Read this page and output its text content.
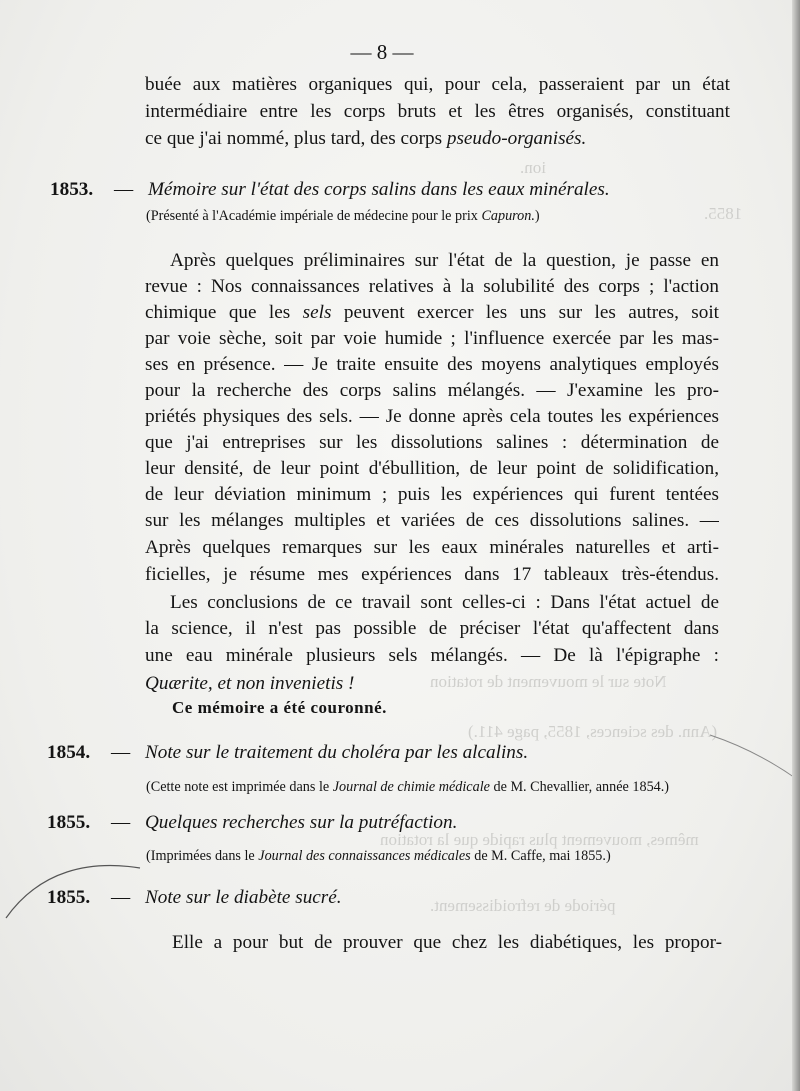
ion.
1855.
Note sur le mouvement de rotation
(Ann. des sciences, 1855, page 411.)
mêmes, mouvement plus rapide que la rotation
période de refroidissement.
— 8 —
buée aux matières organiques qui, pour cela, passeraient par un état
intermédiaire entre les corps bruts et les êtres organisés, constituant
ce que j'ai nommé, plus tard, des corps pseudo-organisés.
1853. — Mémoire sur l'état des corps salins dans les eaux minérales.
(Présenté à l'Académie impériale de médecine pour le prix Capuron.)
Après quelques préliminaires sur l'état de la question, je passe en
revue : Nos connaissances relatives à la solubilité des corps ; l'action
chimique que les sels peuvent exercer les uns sur les autres, soit
par voie sèche, soit par voie humide ; l'influence exercée par les mas-
ses en présence. — Je traite ensuite des moyens analytiques employés
pour la recherche des corps salins mélangés. — J'examine les pro-
priétés physiques des sels. — Je donne après cela toutes les expériences
que j'ai entreprises sur les dissolutions salines : détermination de
leur densité, de leur point d'ébullition, de leur point de solidification,
de leur déviation minimum ; puis les expériences qui furent tentées
sur les mélanges multiples et variées de ces dissolutions salines. —
Après quelques remarques sur les eaux minérales naturelles et arti-
ficielles, je résume mes expériences dans 17 tableaux très-étendus.
Les conclusions de ce travail sont celles-ci : Dans l'état actuel de
la science, il n'est pas possible de préciser l'état qu'affectent dans
une eau minérale plusieurs sels mélangés. — De là l'épigraphe :
Quærite, et non invenietis !
Ce mémoire a été couronné.
1854. — Note sur le traitement du choléra par les alcalins.
(Cette note est imprimée dans le Journal de chimie médicale de M. Chevallier, année 1854.)
1855. — Quelques recherches sur la putréfaction.
(Imprimées dans le Journal des connaissances médicales de M. Caffe, mai 1855.)
1855. — Note sur le diabète sucré.
Elle a pour but de prouver que chez les diabétiques, les propor-
